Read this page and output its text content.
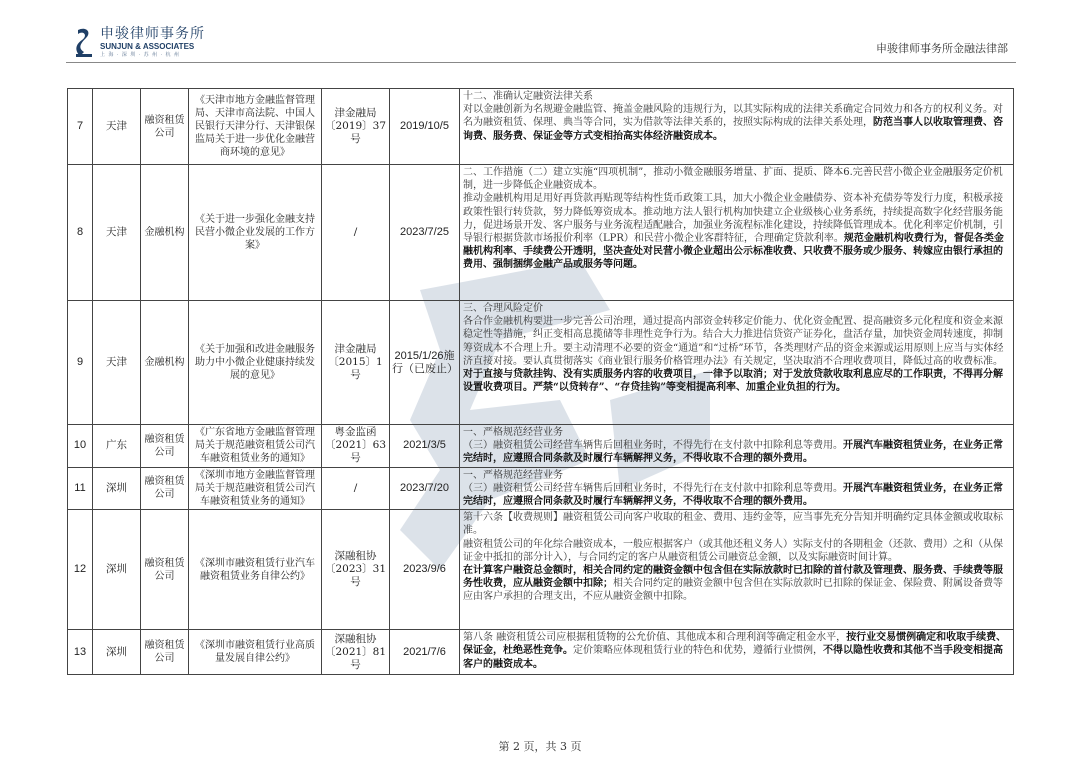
申骏律师事务所
SUNJUN & ASSOCIATES
上 海 · 深 圳 · 苏 州 · 杭 州	申骏律师事务所金融法律部
7	天津	融资租赁公司	《天津市地方金融监督管理局、天津市高法院、中国人民银行天津分行、天津银保监局关于进一步优化金融营商环境的意见》	津金融局〔2019〕37号	2019/10/5	十二、准确认定融资法律关系
对以金融创新为名规避金融监管、掩盖金融风险的违规行为，以其实际构成的法律关系确定合同效力和各方的权利义务。对名为融资租赁、保理、典当等合同，实为借款等法律关系的，按照实际构成的法律关系处理，防范当事人以收取管理费、咨询费、服务费、保证金等方式变相抬高实体经济融资成本。
8	天津	金融机构	《关于进一步强化金融支持民营小微企业发展的工作方案》	/	2023/7/25	二、工作措施（二）建立实施“四项机制”，推动小微金融服务增量、扩面、提质、降本6.完善民营小微企业金融服务定价机制，进一步降低企业融资成本。
推动金融机构用足用好再贷款再贴现等结构性货币政策工具，加大小微企业金融债券、资本补充债券等发行力度，积极承接政策性银行转贷款，努力降低筹资成本。推动地方法人银行机构加快建立企业级核心业务系统，持续提高数字化经营服务能力，促进场景开发、客户服务与业务流程适配融合，加强业务流程标准化建设，持续降低管理成本。优化利率定价机制，引导银行根据贷款市场报价利率（LPR）和民营小微企业客群特征，合理确定贷款利率。规范金融机构收费行为，督促各类金融机构利率、手续费公开透明，坚决查处对民营小微企业超出公示标准收费、只收费不服务或少服务、转嫁应由银行承担的费用、强制捆绑金融产品或服务等问题。
9	天津	金融机构	《关于加强和改进金融服务助力中小微企业健康持续发展的意见》	津金融局〔2015〕1号	2015/1/26施行（已废止）	三、合理风险定价
各合作金融机构要进一步完善公司治理，通过提高内部资金转移定价能力、优化资金配置、提高融资多元化程度和资金来源稳定性等措施，纠正变相高息揽储等非理性竞争行为。结合大力推进信贷资产证券化，盘活存量，加快资金周转速度，抑制筹资成本不合理上升。要主动清理不必要的资金“通道”和“过桥”环节，各类理财产品的资金来源或运用原则上应当与实体经济直接对接。要认真贯彻落实《商业银行服务价格管理办法》有关规定，坚决取消不合理收费项目，降低过高的收费标准。对于直接与贷款挂钩、没有实质服务内容的收费项目，一律予以取消；对于发放贷款收取利息应尽的工作职责，不得再分解设置收费项目。严禁“以贷转存”、“存贷挂钩”等变相提高利率、加重企业负担的行为。
10	广东	融资租赁公司	《广东省地方金融监督管理局关于规范融资租赁公司汽车融资租赁业务的通知》	粤金监函〔2021〕63号	2021/3/5	一、严格规范经营业务
（三）融资租赁公司经营车辆售后回租业务时，不得先行在支付款中扣除利息等费用。开展汽车融资租赁业务，在业务正常完结时，应遵照合同条款及时履行车辆解押义务，不得收取不合理的额外费用。
11	深圳	融资租赁公司	《深圳市地方金融监督管理局关于规范融资租赁公司汽车融资租赁业务的通知》	/	2023/7/20	一、严格规范经营业务
（三）融资租赁公司经营车辆售后回租业务时，不得先行在支付款中扣除利息等费用。开展汽车融资租赁业务，在业务正常完结时，应遵照合同条款及时履行车辆解押义务，不得收取不合理的额外费用。
12	深圳	融资租赁公司	《深圳市融资租赁行业汽车融资租赁业务自律公约》	深融租协〔2023〕31号	2023/9/6	第十六条【收费规则】融资租赁公司向客户收取的租金、费用、违约金等，应当事先充分告知并明确约定具体金额或收取标准。
融资租赁公司的年化综合融资成本，一般应根据客户（或其他还租义务人）实际支付的各期租金（还款、费用）之和（从保证金中抵扣的部分计入），与合同约定的客户从融资租赁公司融资总金额，以及实际融资时间计算。
在计算客户融资总金额时，相关合同约定的融资金额中包含但在实际放款时已扣除的首付款及管理费、服务费、手续费等服务性收费，应从融资金额中扣除；相关合同约定的融资金额中包含但在实际放款时已扣除的保证金、保险费、附属设备费等应由客户承担的合理支出，不应从融资金额中扣除。
13	深圳	融资租赁公司	《深圳市融资租赁行业高质量发展自律公约》	深融租协〔2021〕81号	2021/7/6	第八条 融资租赁公司应根据租赁物的公允价值、其他成本和合理利润等确定租金水平，按行业交易惯例确定和收取手续费、保证金，杜绝恶性竞争。定价策略应体现租赁行业的特色和优势，遵循行业惯例，不得以隐性收费和其他不当手段变相提高客户的融资成本。
第 2 页，共 3 页
